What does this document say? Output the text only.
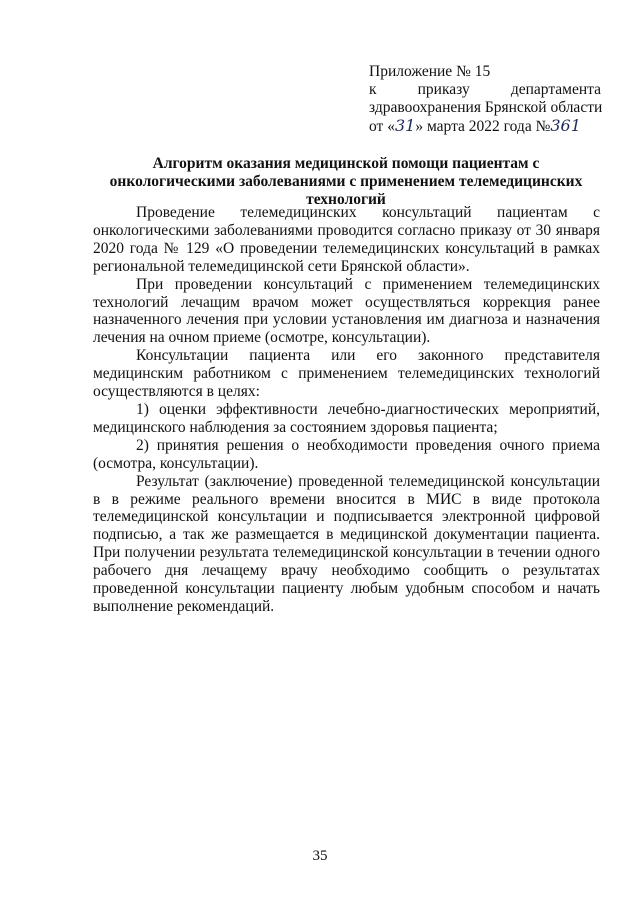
Приложение № 15
к	приказу	департамента
здравоохранения Брянской области
от «31» марта 2022 года №361
Алгоритм оказания медицинской помощи пациентам с онкологическими заболеваниями с применением телемедицинских технологий

Проведение телемедицинских консультаций пациентам с онкологическими заболеваниями проводится согласно приказу от 30 января 2020 года № 129 «О проведении телемедицинских консультаций в рамках региональной телемедицинской сети Брянской области».

При проведении консультаций с применением телемедицинских технологий лечащим врачом может осуществляться коррекция ранее назначенного лечения при условии установления им диагноза и назначения лечения на очном приеме (осмотре, консультации).

Консультации пациента или его законного представителя медицинским работником с применением телемедицинских технологий осуществляются в целях:

1) оценки эффективности лечебно-диагностических мероприятий, медицинского наблюдения за состоянием здоровья пациента;

2) принятия решения о необходимости проведения очного приема (осмотра, консультации).

Результат (заключение) проведенной телемедицинской консультации в в режиме реального времени вносится в МИС в виде протокола телемедицинской консультации и подписывается электронной цифровой подписью, а так же размещается в медицинской документации пациента. При получении результата телемедицинской консультации в течении одного рабочего дня лечащему врачу необходимо сообщить о результатах проведенной консультации пациенту любым удобным способом и начать выполнение рекомендаций.

35
